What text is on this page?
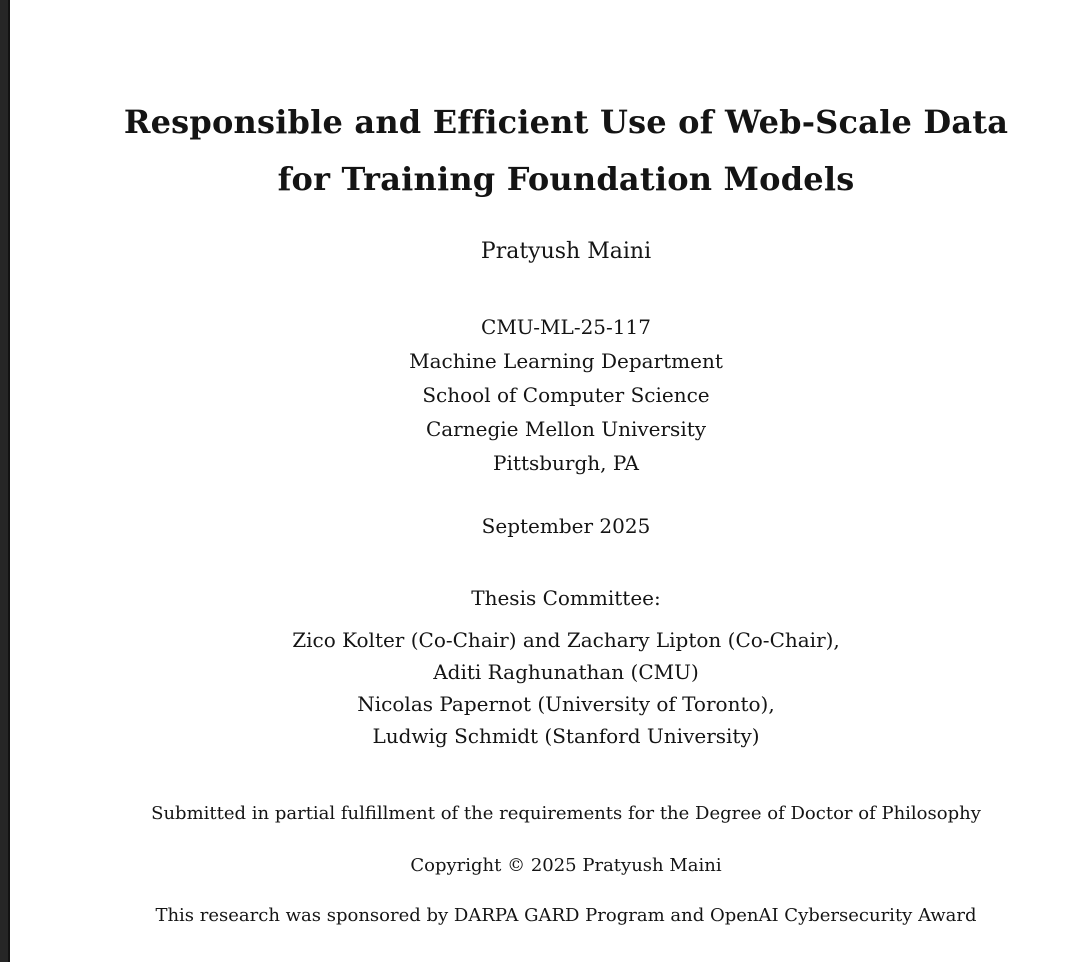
Responsible and Efficient Use of Web-Scale Data
for Training Foundation Models
Pratyush Maini
CMU-ML-25-117
Machine Learning Department
School of Computer Science
Carnegie Mellon University
Pittsburgh, PA
September 2025
Thesis Committee:
Zico Kolter (Co-Chair) and Zachary Lipton (Co-Chair),
Aditi Raghunathan (CMU)
Nicolas Papernot (University of Toronto),
Ludwig Schmidt (Stanford University)
Submitted in partial fulfillment of the requirements for the Degree of Doctor of Philosophy
Copyright © 2025 Pratyush Maini
This research was sponsored by DARPA GARD Program and OpenAI Cybersecurity Award
